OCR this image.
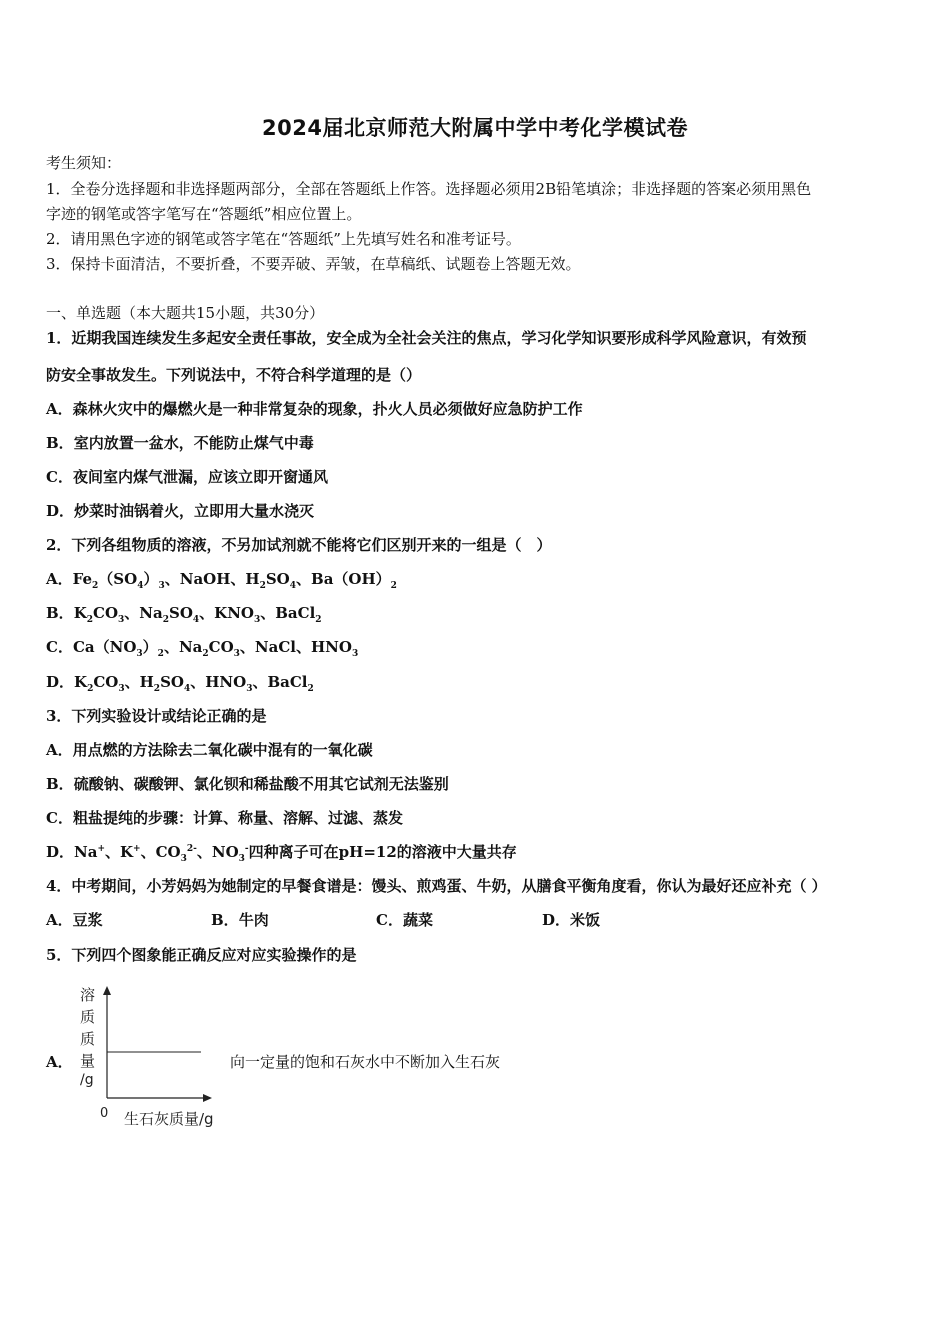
2024届北京师范大附属中学中考化学模试卷
考生须知：
1．全卷分选择题和非选择题两部分，全部在答题纸上作答。选择题必须用2B铅笔填涂；非选择题的答案必须用黑色
字迹的钢笔或答字笔写在“答题纸”相应位置上。
2．请用黑色字迹的钢笔或答字笔在“答题纸”上先填写姓名和准考证号。
3．保持卡面清洁，不要折叠，不要弄破、弄皱，在草稿纸、试题卷上答题无效。
一、单选题（本大题共15小题，共30分）
1．近期我国连续发生多起安全责任事故，安全成为全社会关注的焦点，学习化学知识要形成科学风险意识，有效预
防安全事故发生。下列说法中，不符合科学道理的是（）
A．森林火灾中的爆燃火是一种非常复杂的现象，扑火人员必须做好应急防护工作
B．室内放置一盆水，不能防止煤气中毒
C．夜间室内煤气泄漏，应该立即开窗通风
D．炒菜时油锅着火，立即用大量水浇灭
2．下列各组物质的溶液，不另加试剂就不能将它们区别开来的一组是（　）
A．$Fe_2(SO_4)_3$、NaOH、$H_2SO_4$、$Ba(OH)_2$
B．$K_2CO_3$、$Na_2SO_4$、$KNO_3$、BaCl$_2$
C．$Ca(NO_3)_2$、$Na_2CO_3$、NaCl、$HNO_3$
D．$K_2CO_3$、$H_2SO_4$、$HNO_3$、BaCl$_2$
3．下列实验设计或结论正确的是
A．用点燃的方法除去二氧化碳中混有的一氧化碳
B．硫酸钠、碳酸钾、氯化钡和稀盐酸不用其它试剂无法鉴别
C．粗盐提纯的步骤：计算、称量、溶解、过滤、蒸发
D．Na+、K+、$CO_3^{2-}$、$NO_3^-$四种离子可在pH=12的溶液中大量共存
4．中考期间，小芳妈妈为她制定的早餐食谱是：馒头、煎鸡蛋、牛奶，从膳食平衡角度看，你认为最好还应补充（ ）
A．豆浆	B．牛肉	C．蔬菜	D．米饭
5．下列四个图象能正确反应对应实验操作的是
A．
溶
质
质
量
/g
0 生石灰质量/g
向一定量的饱和石灰水中不断加入生石灰
